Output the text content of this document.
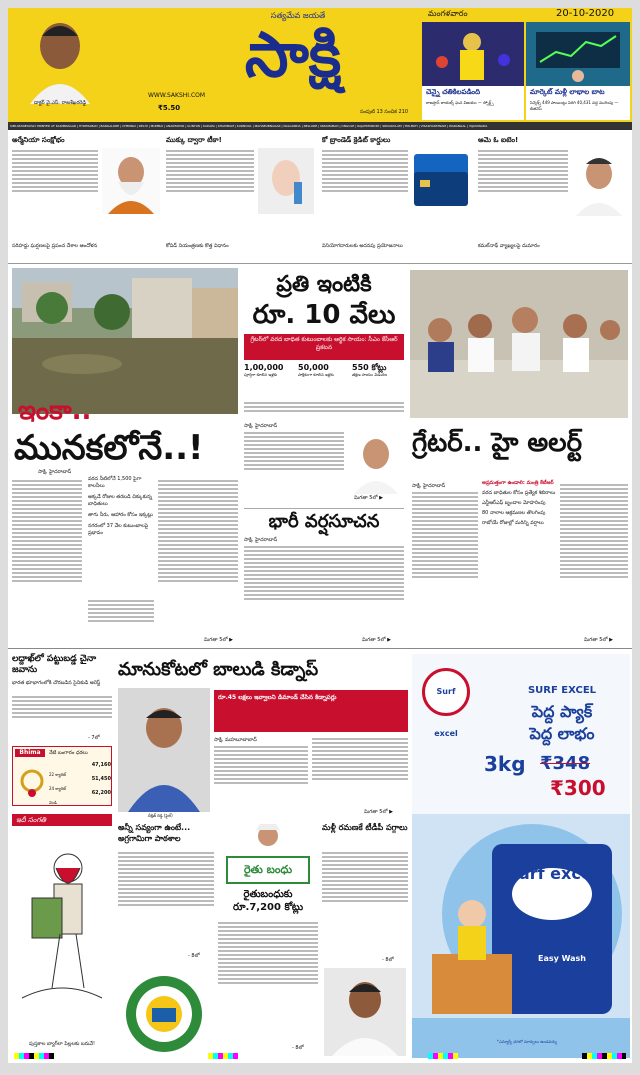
డాక్టర్ వై.ఎస్. రాజశేఖరరెడ్డి
సత్యమేవ జయతే
సాక్షి
WWW.SAKSHI.COM
₹5.50	సంపుటి 13 సంచిక 210
మంగళవారం	20-10-2020
చెన్నై చతికిలపడింది
రాజస్తాన్ రాయల్స్ ఘన విజయం — స్పోర్ట్స్
మార్కెట్ మళ్లీ లాభాల బాట
సెన్సెక్స్ 449 పాయింట్లు పెరిగి 40,431 వద్ద ముగింపు — బిజినెస్
SIMULTANEOUSLY PRINTED AT KARIMNAGAR | HYDERABAD | BANGALORE | CHENNAI | DELHI | MUMBAI | ANANTAPUR | GUNTUR | KADAPA | KHAMMAM | KURNOOL | MAHABUBNAGAR | NALGONDA | NELLORE | NIZAMABAD | ONGOLE | RAJAHMUNDRY | SRIKAKULAM | TIRUPATI | VISAKHAPATNAM | WARANGAL | VIJAYAWADA
అర్మేనియా సంక్షోభం
సరిహద్దు ఘర్షణలపై ప్రపంచ దేశాల ఆందోళన
ముక్కు ద్వారా టీకా!
కోవిడ్ నియంత్రణకు కొత్త విధానం
కో బ్రాండెడ్ క్రెడిట్ కార్డులు
వినియోగదారులకు అదనపు ప్రయోజనాలు
ఆమె ఓ ఐటెం!
కమల్‌నాథ్ వ్యాఖ్యలపై దుమారం
ఇంకా..
మునకలోనే..!
సాక్షి, హైదరాబాద్
వరద నీటిలోనే 1,500 పైగా కాలనీలు
అక్కడే రోజుల తరబడి చిక్కుకున్న బాధితులు
తాగు నీరు, ఆహారం కోసం ఇక్కట్లు
నగరంలో 37 వేల కుటుంబాలపై ప్రభావం
మిగతా 5లో ▶
ప్రతి ఇంటికి
రూ. 10 వేలు
గ్రేటర్‌లో వరద బాధిత కుటుంబాలకు ఆర్థిక సాయం: సీఎం కేసీఆర్ ప్రకటన
1,00,000
పూర్తిగా కూలిన ఇళ్లకు
50,000
పాక్షికంగా కూలిన ఇళ్లకు
550 కోట్లు
తక్షణ సాయం విడుదల
సాక్షి, హైదరాబాద్
మిగతా 5లో ▶
భారీ వర్షసూచన
సాక్షి, హైదరాబాద్
మిగతా 5లో ▶
గ్రేటర్.. హై అలర్ట్
సాక్షి, హైదరాబాద్	అప్రమత్తంగా ఉండాలి: మంత్రి కేటీఆర్
వరద బాధితుల కోసం ప్రత్యేక శిబిరాలు
ఎన్డీఆర్‌ఎఫ్ బృందాల మోహరింపు
80 నాలాల ఆక్రమణల తొలగింపు
రాబోయే రోజుల్లో మరిన్ని వర్షాలు
మిగతా 5లో ▶
లద్దాఖ్‌లో పట్టుబడ్డ చైనా జవాను
భారత భూభాగంలోకి చొరబడిన సైనికుడి అరెస్ట్
- 7లో
Bhima	నేటి బంగారం ధరలు
22 క్యారెట్
47,160
24 క్యారెట్
51,450
వెండి
62,200
ఇదీ సంగతి
పుస్తకాల బ్యాగ్‌లా పిల్లలకు బరువే!
మానుకోటలో బాలుడి కిడ్నాప్
దీక్షిత్ రెడ్డి (ఫైల్)
రూ.45 లక్షలు ఇవ్వాలని డిమాండ్ చేసిన కిడ్నాపర్లు
సాక్షి, మహబూబాబాద్
మిగతా 5లో ▶
అన్నీ సవ్యంగా ఉంటే... అగ్రగామిగా పాఠశాల
- 8లో
రైతు బంధు
రైతుబంధుకు రూ.7,200 కోట్లు
- 8లో
మళ్లీ రమణకే టీడీపీ పగ్గాలు
- 8లో
Surf excel
SURF EXCEL
పెద్ద ప్యాక్
పెద్ద లాభం
3kg ₹348
₹300
Surf excel
Easy Wash
*ఎమ్మార్పీ ధరలో మార్పులు ఉండవచ్చు
